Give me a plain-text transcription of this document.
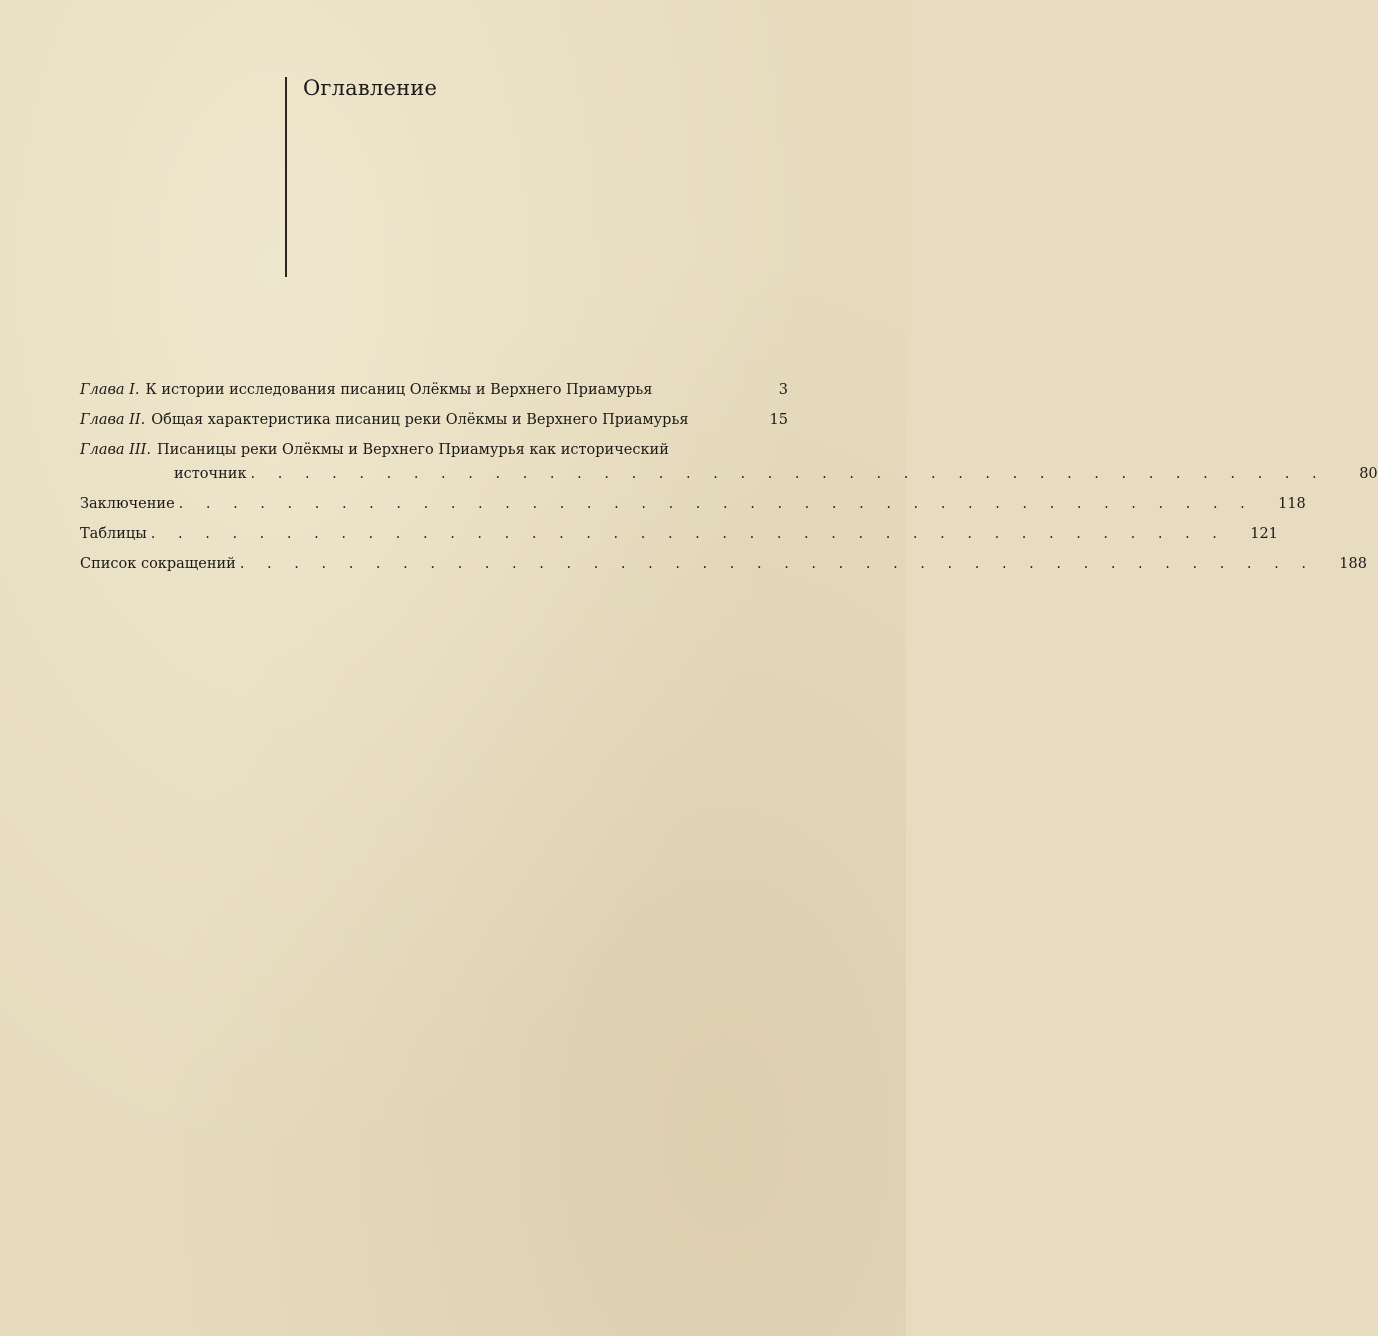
Оглавление
Глава I. К истории исследования писаниц Олёкмы и Верхнего Приамурья	3
Глава II. Общая характеристика писаниц реки Олёкмы и Верхнего Приамурья	15
Глава III. Писаницы реки Олёкмы и Верхнего Приамурья как исторический
источник . . . . . . . . . . . . . . . . . . . . . . . . . . . . . . . . . . . . . . . .	80
Заключение . . . . . . . . . . . . . . . . . . . . . . . . . . . . . . . . . . . . . . . .	118
Таблицы . . . . . . . . . . . . . . . . . . . . . . . . . . . . . . . . . . . . . . . .	121
Список сокращений . . . . . . . . . . . . . . . . . . . . . . . . . . . . . . . . . . . . . . . .	188
